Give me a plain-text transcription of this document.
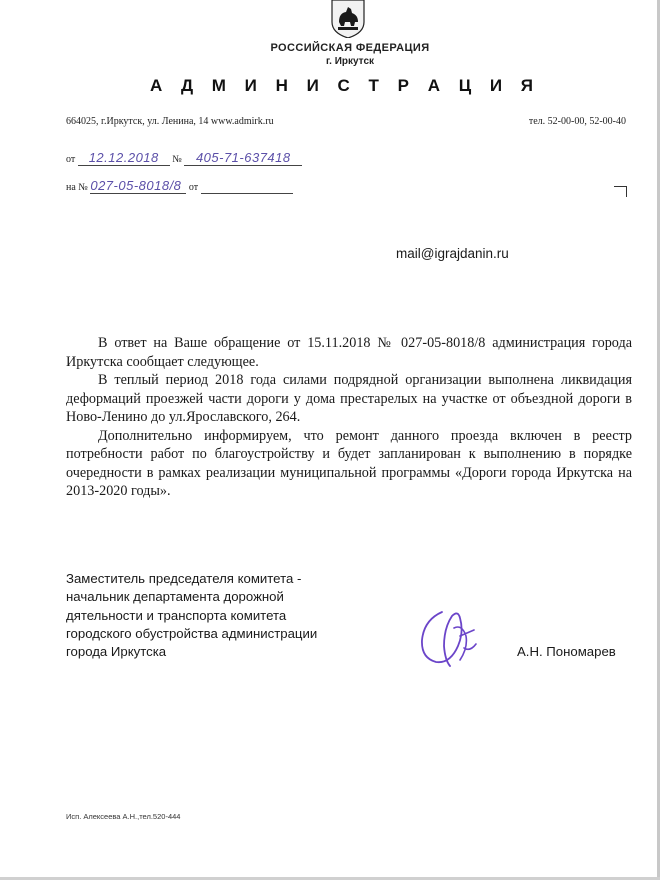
РОССИЙСКАЯ ФЕДЕРАЦИЯ
г. Иркутск
А Д М И Н И С Т Р А Ц И Я
664025, г.Иркутск, ул. Ленина, 14 www.admirk.ru	тел. 52-00-00, 52-00-40
от 12.12.2018 № 405-71-637418
на № 027-05-8018/8 от
mail@igrajdanin.ru

В ответ на Ваше обращение от 15.11.2018 № 027-05-8018/8 администрация города Иркутска сообщает следующее.

В теплый период 2018 года силами подрядной организации выполнена ликвидация деформаций проезжей части дороги у дома престарелых на участке от объездной дороги в Ново-Ленино до ул.Ярославского, 264.

Дополнительно информируем, что ремонт данного проезда включен в реестр потребности работ по благоустройству и будет запланирован к выполнению в порядке очередности в рамках реализации муниципальной программы «Дороги города Иркутска на 2013-2020 годы».

Заместитель председателя комитета -
начальник департамента дорожной
дятельности и транспорта комитета
городского обустройства администрации
города Иркутска	А.Н. Пономарев
Исп. Алексеева А.Н.,тел.520-444
